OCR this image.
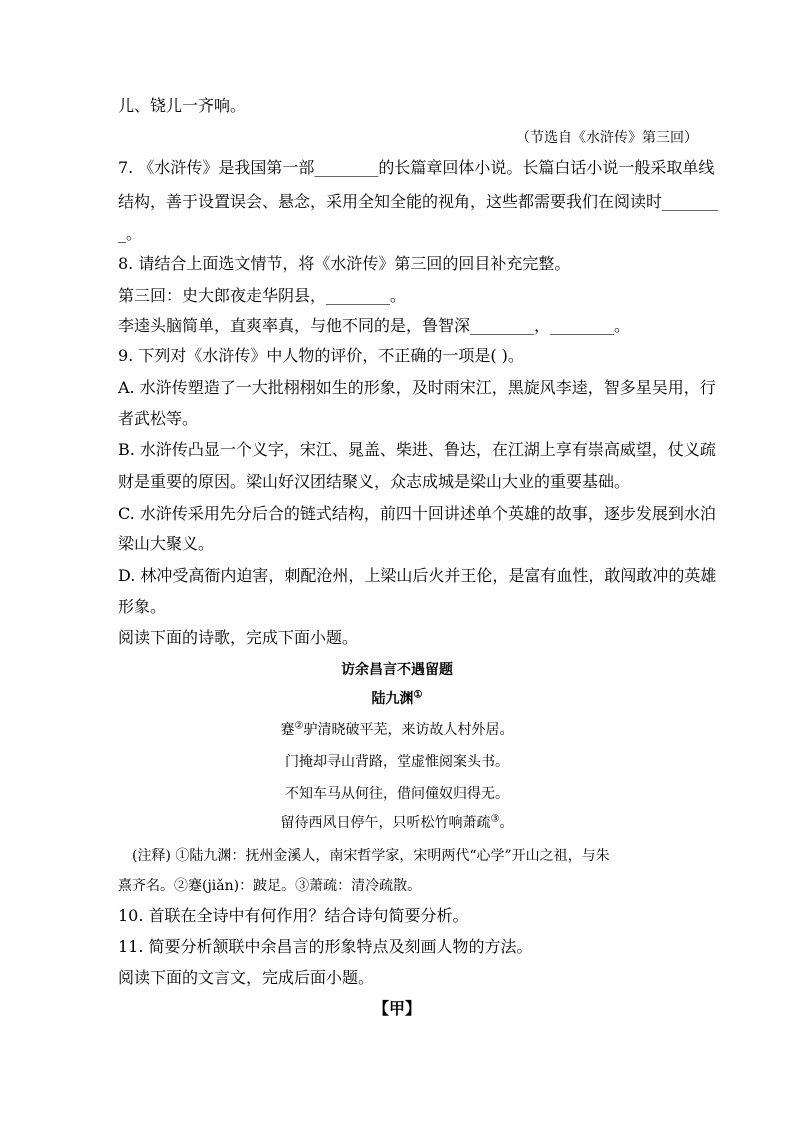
儿、铙儿一齐响。
（节选自《水浒传》第三回）
7. 《水浒传》是我国第一部________的长篇章回体小说。长篇白话小说一般采取单线
结构，善于设置误会、悬念，采用全知全能的视角，这些都需要我们在阅读时_______
_。
8. 请结合上面选文情节，将《水浒传》第三回的回目补充完整。
第三回：史大郎夜走华阴县，________。
李逵头脑简单，直爽率真，与他不同的是，鲁智深________，________。
9. 下列对《水浒传》中人物的评价，不正确的一项是( )。
A. 水浒传塑造了一大批栩栩如生的形象，及时雨宋江，黑旋风李逵，智多星吴用，行
者武松等。
B. 水浒传凸显一个义字，宋江、晁盖、柴进、鲁达，在江湖上享有崇高威望，仗义疏
财是重要的原因。梁山好汉团结聚义，众志成城是梁山大业的重要基础。
C. 水浒传采用先分后合的链式结构，前四十回讲述单个英雄的故事，逐步发展到水泊
梁山大聚义。
D. 林冲受高衙内迫害，刺配沧州，上梁山后火并王伦，是富有血性，敢闯敢冲的英雄
形象。
阅读下面的诗歌，完成下面小题。
访余昌言不遇留题
陆九渊①
蹇②驴清晓破平芜，来访故人村外居。
门掩却寻山背路，堂虚惟阅案头书。
不知车马从何往，借问僮奴归得无。
留待西风日停午，只听松竹响萧疏③。
(注释) ①陆九渊：抚州金溪人，南宋哲学家，宋明两代“心学”开山之祖，与朱
熹齐名。②蹇(jiǎn)：跛足。③萧疏：清冷疏散。
10. 首联在全诗中有何作用？结合诗句简要分析。
11. 简要分析颔联中余昌言的形象特点及刻画人物的方法。
阅读下面的文言文，完成后面小题。
【甲】
